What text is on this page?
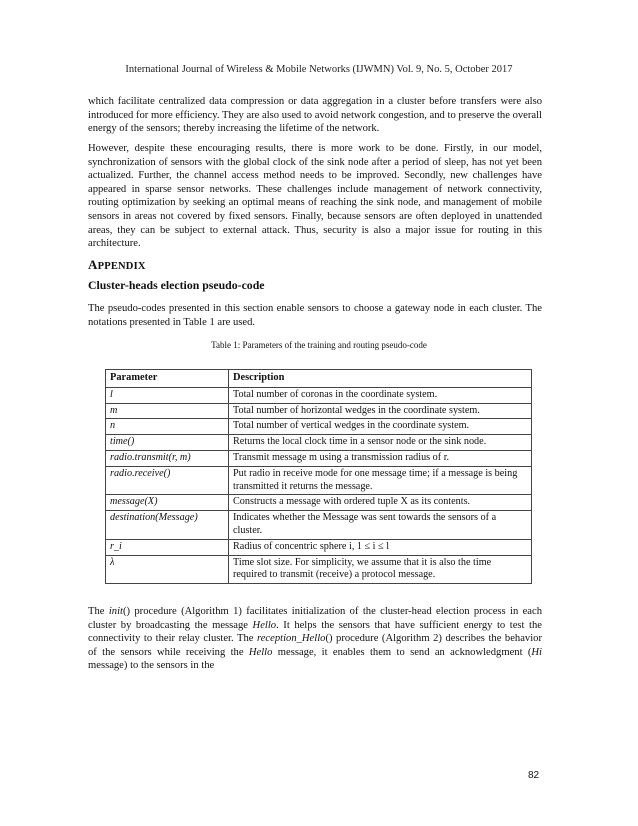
International Journal of Wireless & Mobile Networks (IJWMN) Vol. 9, No. 5, October 2017

which facilitate centralized data compression or data aggregation in a cluster before transfers were also introduced for more efficiency. They are also used to avoid network congestion, and to preserve the overall energy of the sensors; thereby increasing the lifetime of the network.

However, despite these encouraging results, there is more work to be done. Firstly, in our model, synchronization of sensors with the global clock of the sink node after a period of sleep, has not yet been actualized. Further, the channel access method needs to be improved. Secondly, new challenges have appeared in sparse sensor networks. These challenges include management of network connectivity, routing optimization by seeking an optimal means of reaching the sink node, and management of mobile sensors in areas not covered by fixed sensors. Finally, because sensors are often deployed in unattended areas, they can be subject to external attack. Thus, security is also a major issue for routing in this architecture.

APPENDIX
Cluster-heads election pseudo-code

The pseudo-codes presented in this section enable sensors to choose a gateway node in each cluster. The notations presented in Table 1 are used.

Table 1: Parameters of the training and routing pseudo-code
Parameter	Description
l	Total number of coronas in the coordinate system.
m	Total number of horizontal wedges in the coordinate system.
n	Total number of vertical wedges in the coordinate system.
time()	Returns the local clock time in a sensor node or the sink node.
radio.transmit(r, m)	Transmit message m using a transmission radius of r.
radio.receive()	Put radio in receive mode for one message time; if a message is being transmitted it returns the message.
message(X)	Constructs a message with ordered tuple X as its contents.
destination(Message)	Indicates whether the Message was sent towards the sensors of a cluster.
r_i	Radius of concentric sphere i, 1 ≤ i ≤ l
λ	Time slot size. For simplicity, we assume that it is also the time required to transmit (receive) a protocol message.

The init() procedure (Algorithm 1) facilitates initialization of the cluster-head election process in each cluster by broadcasting the message Hello. It helps the sensors that have sufficient energy to test the connectivity to their relay cluster. The reception_Hello() procedure (Algorithm 2) describes the behavior of the sensors while receiving the Hello message, it enables them to send an acknowledgment (Hi message) to the sensors in the

82
